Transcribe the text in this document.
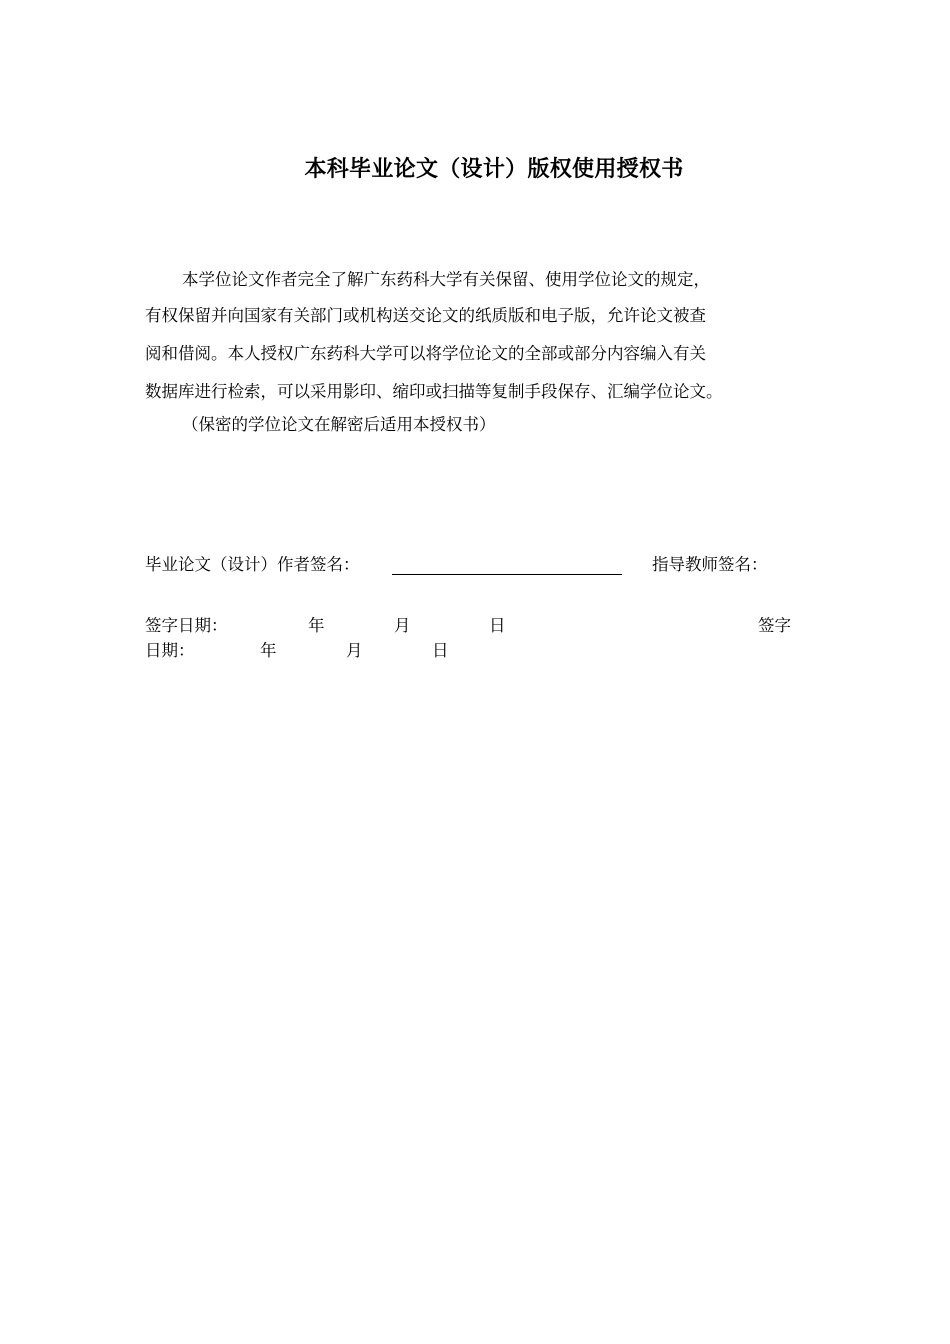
本科毕业论文（设计）版权使用授权书
本学位论文作者完全了解广东药科大学有关保留、使用学位论文的规定，
有权保留并向国家有关部门或机构送交论文的纸质版和电子版，允许论文被查
阅和借阅。本人授权广东药科大学可以将学位论文的全部或部分内容编入有关
数据库进行检索，可以采用影印、缩印或扫描等复制手段保存、汇编学位论文。
（保密的学位论文在解密后适用本授权书）
毕业论文（设计）作者签名：	指导教师签名：
签字日期：	年	月	日	签字
日期：	年	月	日
